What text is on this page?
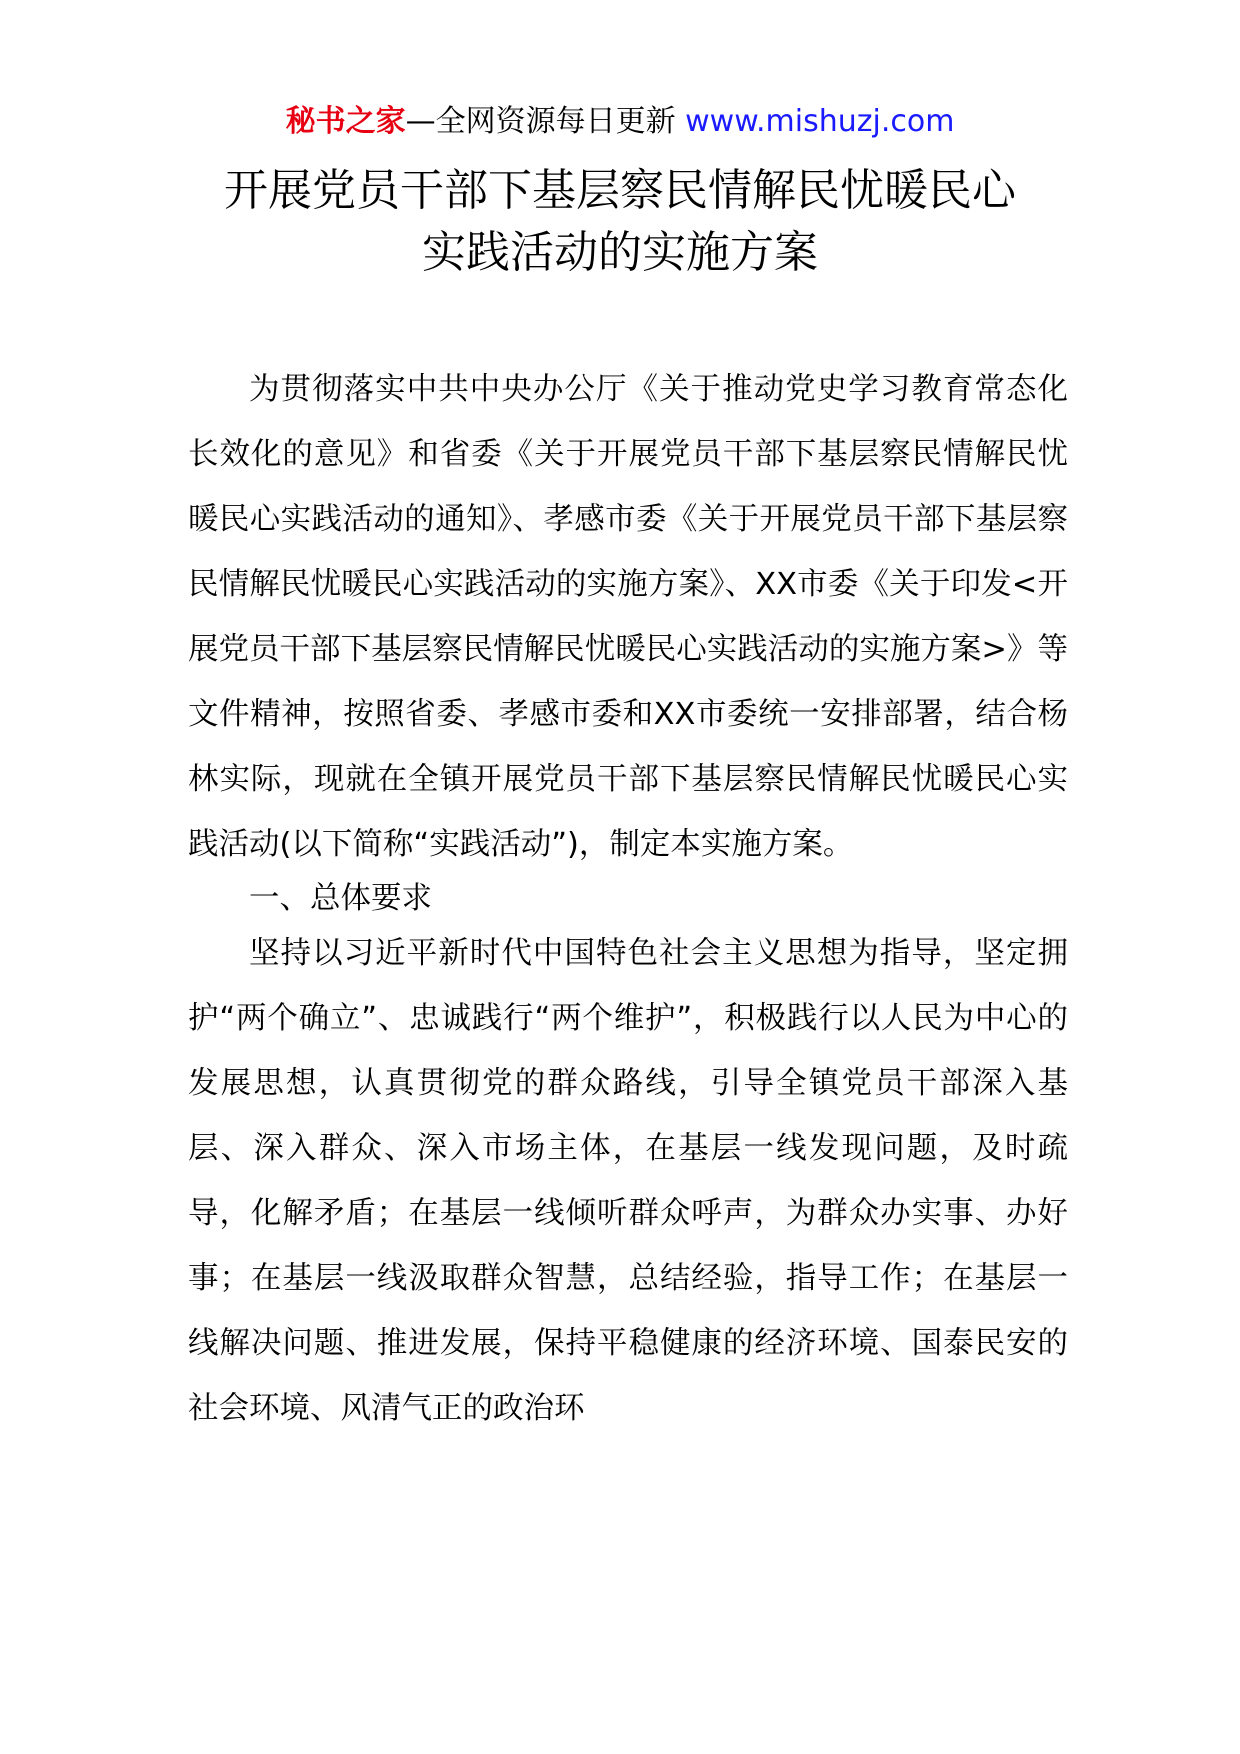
秘书之家—全网资源每日更新 www.mishuzj.com
开展党员干部下基层察民情解民忧暖民心
实践活动的实施方案

为贯彻落实中共中央办公厅《关于推动党史学习教育常态化长效化的意见》和省委《关于开展党员干部下基层察民情解民忧暖民心实践活动的通知》、孝感市委《关于开展党员干部下基层察民情解民忧暖民心实践活动的实施方案》、XX市委《关于印发<开展党员干部下基层察民情解民忧暖民心实践活动的实施方案>》等文件精神，按照省委、孝感市委和XX市委统一安排部署，结合杨林实际，现就在全镇开展党员干部下基层察民情解民忧暖民心实践活动(以下简称“实践活动”)，制定本实施方案。

一、总体要求

坚持以习近平新时代中国特色社会主义思想为指导，坚定拥护“两个确立”、忠诚践行“两个维护”，积极践行以人民为中心的发展思想，认真贯彻党的群众路线，引导全镇党员干部深入基层、深入群众、深入市场主体，在基层一线发现问题，及时疏导，化解矛盾；在基层一线倾听群众呼声，为群众办实事、办好事；在基层一线汲取群众智慧，总结经验，指导工作；在基层一线解决问题、推进发展，保持平稳健康的经济环境、国泰民安的社会环境、风清气正的政治环
